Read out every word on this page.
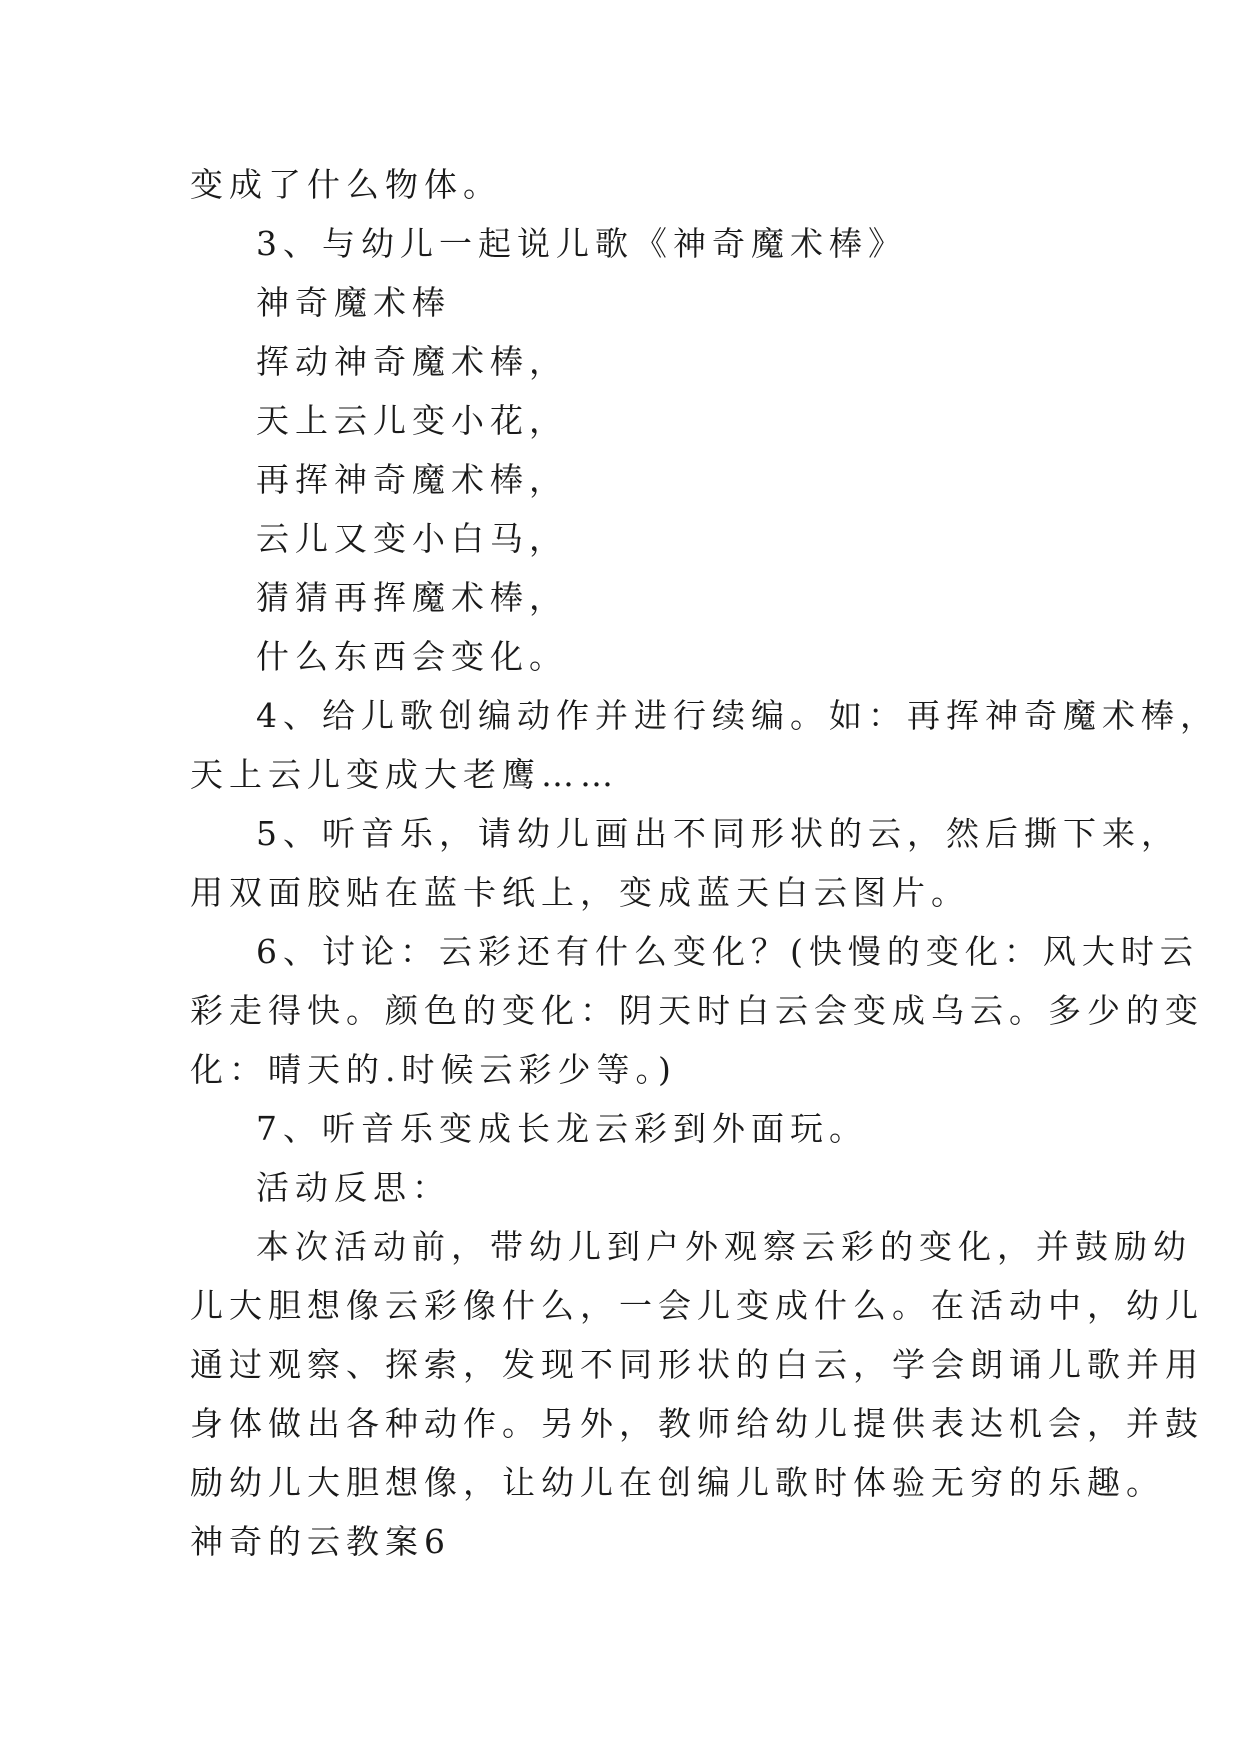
变成了什么物体。
3、与幼儿一起说儿歌《神奇魔术棒》
神奇魔术棒
挥动神奇魔术棒，
天上云儿变小花，
再挥神奇魔术棒，
云儿又变小白马，
猜猜再挥魔术棒，
什么东西会变化。
4、给儿歌创编动作并进行续编。如：再挥神奇魔术棒，
天上云儿变成大老鹰……
5、听音乐，请幼儿画出不同形状的云，然后撕下来，
用双面胶贴在蓝卡纸上，变成蓝天白云图片。
6、讨论：云彩还有什么变化？(快慢的变化：风大时云
彩走得快。颜色的变化：阴天时白云会变成乌云。多少的变
化：晴天的.时候云彩少等。)
7、听音乐变成长龙云彩到外面玩。
活动反思：
本次活动前，带幼儿到户外观察云彩的变化，并鼓励幼
儿大胆想像云彩像什么，一会儿变成什么。在活动中，幼儿
通过观察、探索，发现不同形状的白云，学会朗诵儿歌并用
身体做出各种动作。另外，教师给幼儿提供表达机会，并鼓
励幼儿大胆想像，让幼儿在创编儿歌时体验无穷的乐趣。
神奇的云教案6
